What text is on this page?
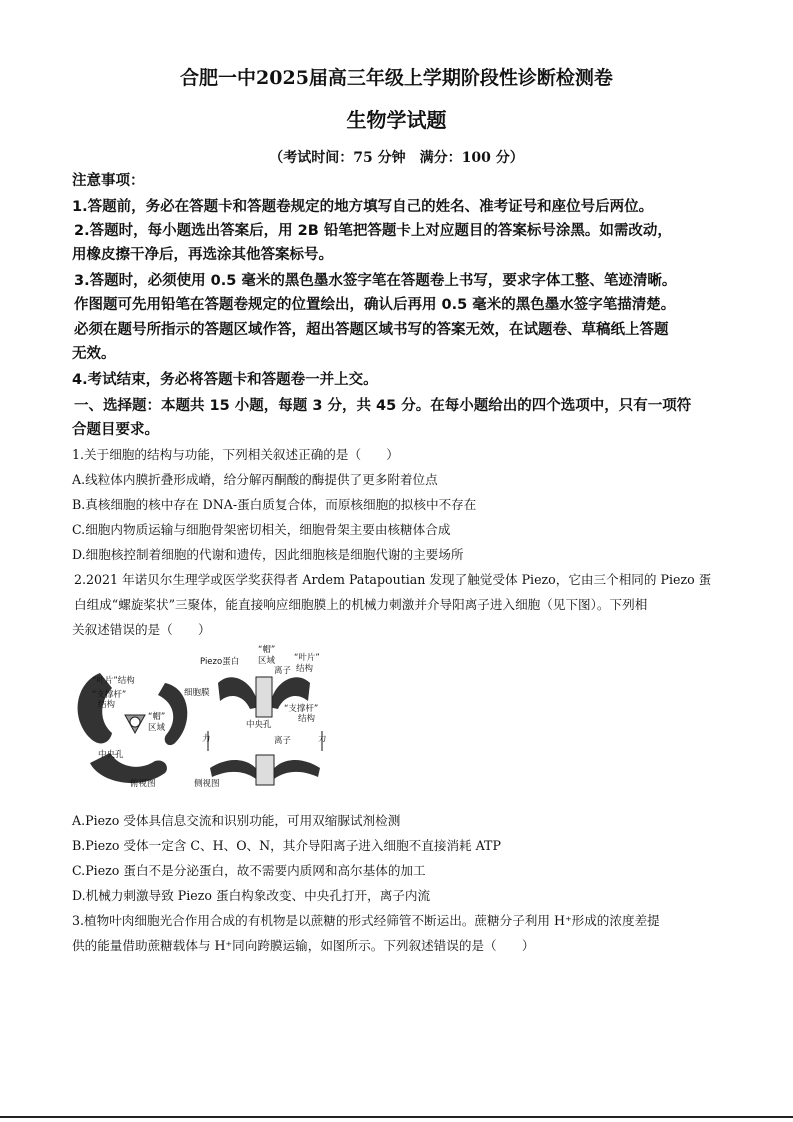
合肥一中2025届高三年级上学期阶段性诊断检测卷
生物学试题
（考试时间：75 分钟　满分：100 分）
注意事项：
1.答题前，务必在答题卡和答题卷规定的地方填写自己的姓名、准考证号和座位号后两位。
2.答题时，每小题选出答案后，用 2B 铅笔把答题卡上对应题目的答案标号涂黑。如需改动，
用橡皮擦干净后，再选涂其他答案标号。
3.答题时，必须使用 0.5 毫米的黑色墨水签字笔在答题卷上书写，要求字体工整、笔迹清晰。
作图题可先用铅笔在答题卷规定的位置绘出，确认后再用 0.5 毫米的黑色墨水签字笔描清楚。
必须在题号所指示的答题区域作答，超出答题区域书写的答案无效，在试题卷、草稿纸上答题
无效。
4.考试结束，务必将答题卡和答题卷一并上交。
一、选择题：本题共 15 小题，每题 3 分，共 45 分。在每小题给出的四个选项中，只有一项符
合题目要求。
1.关于细胞的结构与功能，下列相关叙述正确的是（　　）
A.线粒体内膜折叠形成嵴，给分解丙酮酸的酶提供了更多附着位点
B.真核细胞的核中存在 DNA-蛋白质复合体，而原核细胞的拟核中不存在
C.细胞内物质运输与细胞骨架密切相关，细胞骨架主要由核糖体合成
D.细胞核控制着细胞的代谢和遗传，因此细胞核是细胞代谢的主要场所
2.2021 年诺贝尔生理学或医学奖获得者 Ardem Patapoutian 发现了触觉受体 Piezo，它由三个相同的 Piezo 蛋
白组成“螺旋桨状”三聚体，能直接响应细胞膜上的机械力刺激并介导阳离子进入细胞（见下图）。下列相
关叙述错误的是（　　）
“叶片”结构
“支撑杆”
结构
“帽”
区域
中央孔
俯视图
Piezo蛋白
“帽”
区域 “叶片”
结构
离子
细胞膜
“支撑杆”
结构
中央孔
力	力
离子
侧视图
A.Piezo 受体具信息交流和识别功能，可用双缩脲试剂检测
B.Piezo 受体一定含 C、H、O、N，其介导阳离子进入细胞不直接消耗 ATP
C.Piezo 蛋白不是分泌蛋白，故不需要内质网和高尔基体的加工
D.机械力刺激导致 Piezo 蛋白构象改变、中央孔打开，离子内流
3.植物叶肉细胞光合作用合成的有机物是以蔗糖的形式经筛管不断运出。蔗糖分子利用 H⁺形成的浓度差提
供的能量借助蔗糖载体与 H⁺同向跨膜运输，如图所示。下列叙述错误的是（　　）
